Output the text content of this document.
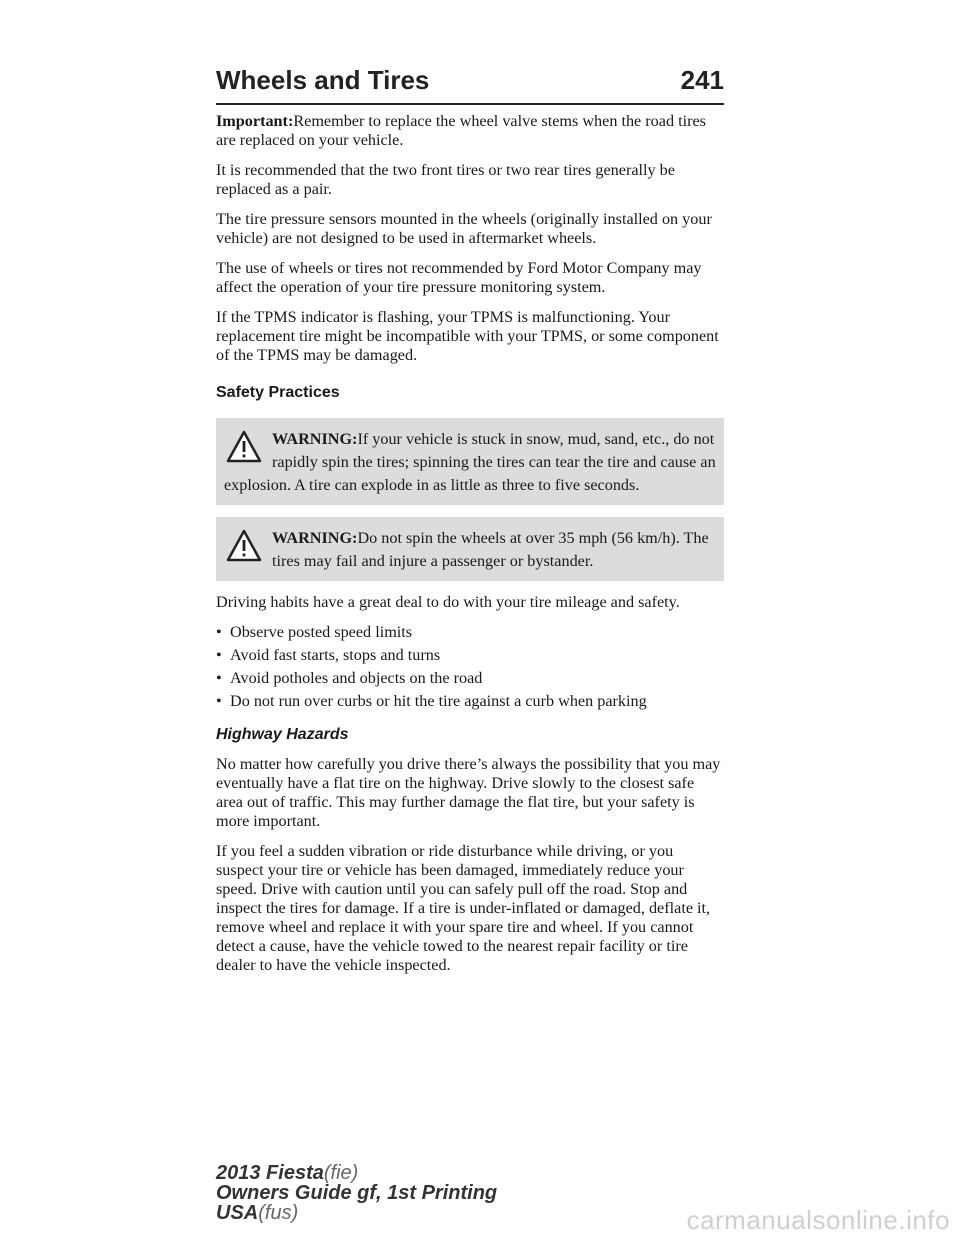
Wheels and Tires	241

Important:Remember to replace the wheel valve stems when the road tires are replaced on your vehicle.

It is recommended that the two front tires or two rear tires generally be replaced as a pair.

The tire pressure sensors mounted in the wheels (originally installed on your vehicle) are not designed to be used in aftermarket wheels.

The use of wheels or tires not recommended by Ford Motor Company may affect the operation of your tire pressure monitoring system.

If the TPMS indicator is flashing, your TPMS is malfunctioning. Your replacement tire might be incompatible with your TPMS, or some component of the TPMS may be damaged.

Safety Practices
WARNING:If your vehicle is stuck in snow, mud, sand, etc., do not rapidly spin the tires; spinning the tires can tear the tire and cause an explosion. A tire can explode in as little as three to five seconds.
WARNING:Do not spin the wheels at over 35 mph (56 km/h). The tires may fail and injure a passenger or bystander.

Driving habits have a great deal to do with your tire mileage and safety.

• Observe posted speed limits
• Avoid fast starts, stops and turns
• Avoid potholes and objects on the road
• Do not run over curbs or hit the tire against a curb when parking
Highway Hazards

No matter how carefully you drive there’s always the possibility that you may eventually have a flat tire on the highway. Drive slowly to the closest safe area out of traffic. This may further damage the flat tire, but your safety is more important.

If you feel a sudden vibration or ride disturbance while driving, or you suspect your tire or vehicle has been damaged, immediately reduce your speed. Drive with caution until you can safely pull off the road. Stop and inspect the tires for damage. If a tire is under-inflated or damaged, deflate it, remove wheel and replace it with your spare tire and wheel. If you cannot detect a cause, have the vehicle towed to the nearest repair facility or tire dealer to have the vehicle inspected.

2013 Fiesta(fie)
Owners Guide gf, 1st Printing
USA(fus)	carmanualsonline.info
